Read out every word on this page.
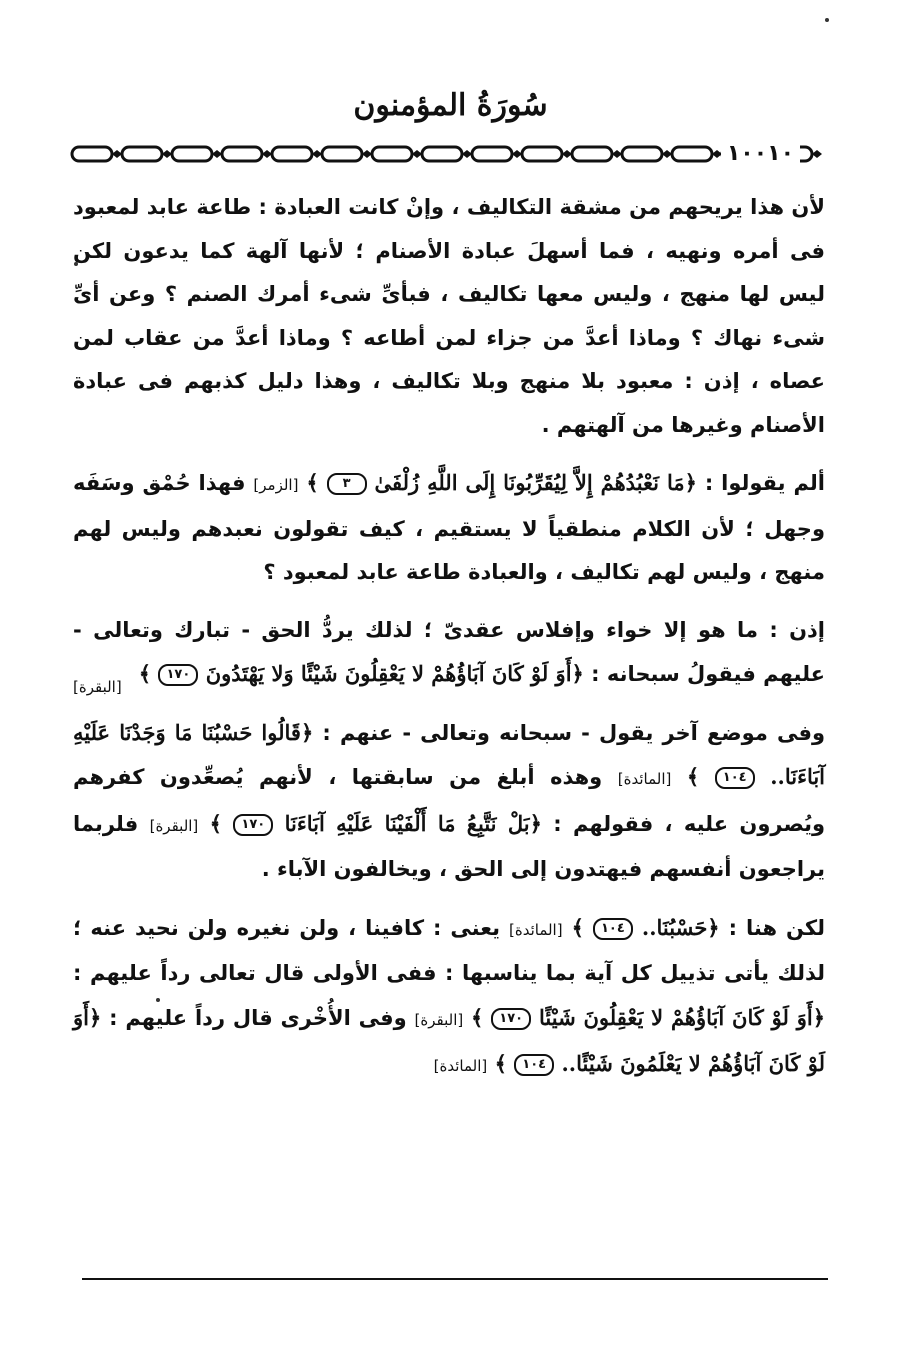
سُورَةُ المؤمنون
١٠٠١٠

لأن هذا يريحهم من مشقة التكاليف ، وإنْ كانت العبادة : طاعة عابد لمعبود فى أمره ونهيه ، فما أسهلَ عبادة الأصنام ؛ لأنها آلهة كما يدعون لكن ليس لها منهج ، وليس معها تكاليف ، فبأىِّ شىء أمرك الصنم ؟ وعن أىِّ شىء نهاك ؟ وماذا أعدَّ من جزاء لمن أطاعه ؟ وماذا أعدَّ من عقاب لمن عصاه ، إذن : معبود بلا منهج وبلا تكاليف ، وهذا دليل كذبهم فى عبادة الأصنام وغيرها من آلهتهم .

ألم يقولوا : ﴿مَا نَعْبُدُهُمْ إِلاَّ لِيُقَرِّبُونَا إِلَى اللَّهِ زُلْفَىٰ ٣ ﴾ [الزمر] فهذا حُمْق وسَفَه وجهل ؛ لأن الكلام منطقياً لا يستقيم ، كيف تقولون نعبدهم وليس لهم منهج ، وليس لهم تكاليف ، والعبادة طاعة عابد لمعبود ؟

إذن : ما هو إلا خواء وإفلاس عقدىّ ؛ لذلك يردُّ الحق - تبارك وتعالى - عليهم فيقولُ سبحانه : ﴿أَوَ لَوْ كَانَ آبَاؤُهُمْ لا يَعْقِلُونَ شَيْئًا وَلا يَهْتَدُونَ ١٧٠ ﴾

[البقرة]

وفى موضع آخر يقول - سبحانه وتعالى - عنهم : ﴿قَالُوا حَسْبُنَا مَا وَجَدْنَا عَلَيْهِ آبَاءَنَا.. ١٠٤ ﴾ [المائدة] وهذه أبلغ من سابقتها ، لأنهم يُصعِّدون كفرهم ويُصرون عليه ، فقولهم : ﴿بَلْ نَتَّبِعُ مَا أَلْفَيْنَا عَلَيْهِ آبَاءَنَا ١٧٠ ﴾ [البقرة] فلربما يراجعون أنفسهم فيهتدون إلى الحق ، ويخالفون الآباء .

لكن هنا : ﴿حَسْبُنَا.. ١٠٤ ﴾ [المائدة] يعنى : كافينا ، ولن نغيره ولن نحيد عنه ؛ لذلك يأتى تذييل كل آية بما يناسبها : ففى الأولى قال تعالى رداً عليهم : ﴿أَوَ لَوْ كَانَ آبَاؤُهُمْ لا يَعْقِلُونَ شَيْئًا ١٧٠ ﴾ [البقرة] وفى الأُخْرى قال رداً عليهم : ﴿أَوَ لَوْ كَانَ آبَاؤُهُمْ لا يَعْلَمُونَ شَيْئًا.. ١٠٤ ﴾ [المائدة]
